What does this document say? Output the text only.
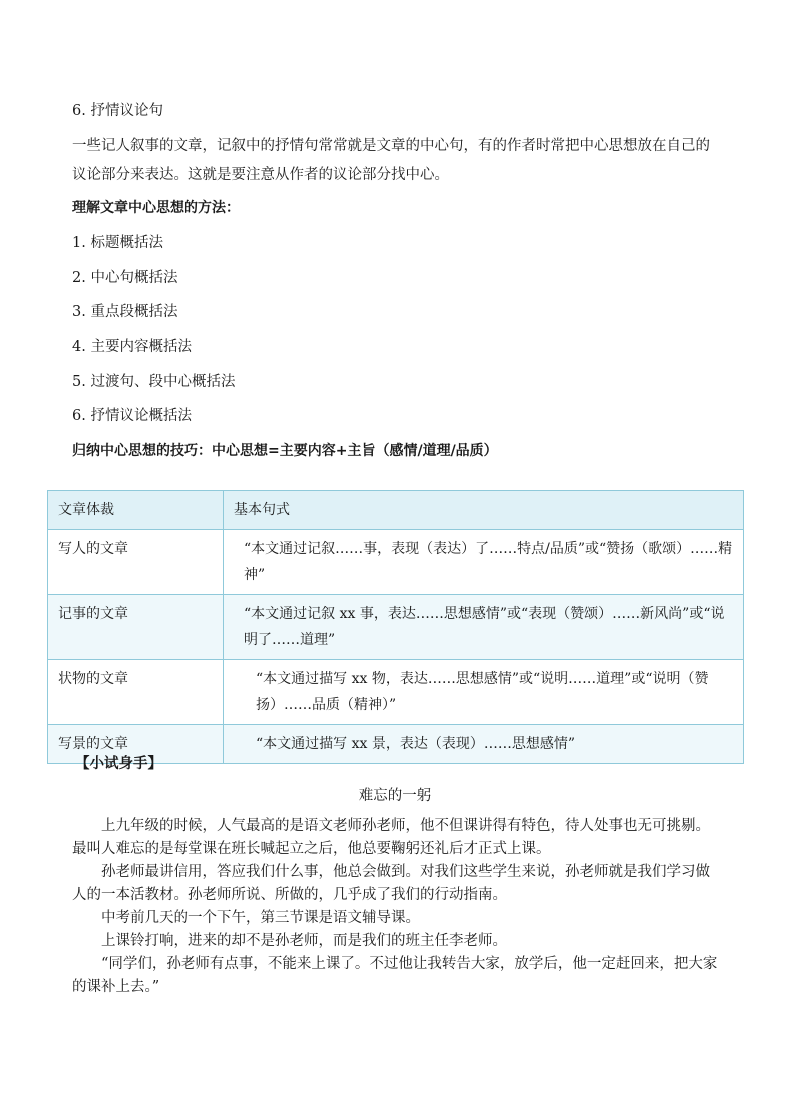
6. 抒情议论句
一些记人叙事的文章，记叙中的抒情句常常就是文章的中心句，有的作者时常把中心思想放在自己的议论部分来表达。这就是要注意从作者的议论部分找中心。
理解文章中心思想的方法：
1. 标题概括法
2. 中心句概括法
3. 重点段概括法
4. 主要内容概括法
5. 过渡句、段中心概括法
6. 抒情议论概括法
归纳中心思想的技巧：中心思想=主要内容+主旨（感情/道理/品质）
文章体裁	基本句式
写人的文章	“本文通过记叙……事，表现（表达）了……特点/品质”或“赞扬（歌颂）……精神”
记事的文章	“本文通过记叙 xx 事，表达……思想感情”或“表现（赞颂）……新风尚”或“说明了……道理”
状物的文章	“本文通过描写 xx 物，表达……思想感情”或“说明……道理”或“说明（赞扬）……品质（精神）”
写景的文章	“本文通过描写 xx 景，表达（表现）……思想感情”
【小试身手】
难忘的一躬

上九年级的时候，人气最高的是语文老师孙老师，他不但课讲得有特色，待人处事也无可挑剔。最叫人难忘的是每堂课在班长喊起立之后，他总要鞠躬还礼后才正式上课。

孙老师最讲信用，答应我们什么事，他总会做到。对我们这些学生来说，孙老师就是我们学习做人的一本活教材。孙老师所说、所做的，几乎成了我们的行动指南。

中考前几天的一个下午，第三节课是语文辅导课。

上课铃打响，进来的却不是孙老师，而是我们的班主任李老师。

“同学们，孙老师有点事，不能来上课了。不过他让我转告大家，放学后，他一定赶回来，把大家的课补上去。”
